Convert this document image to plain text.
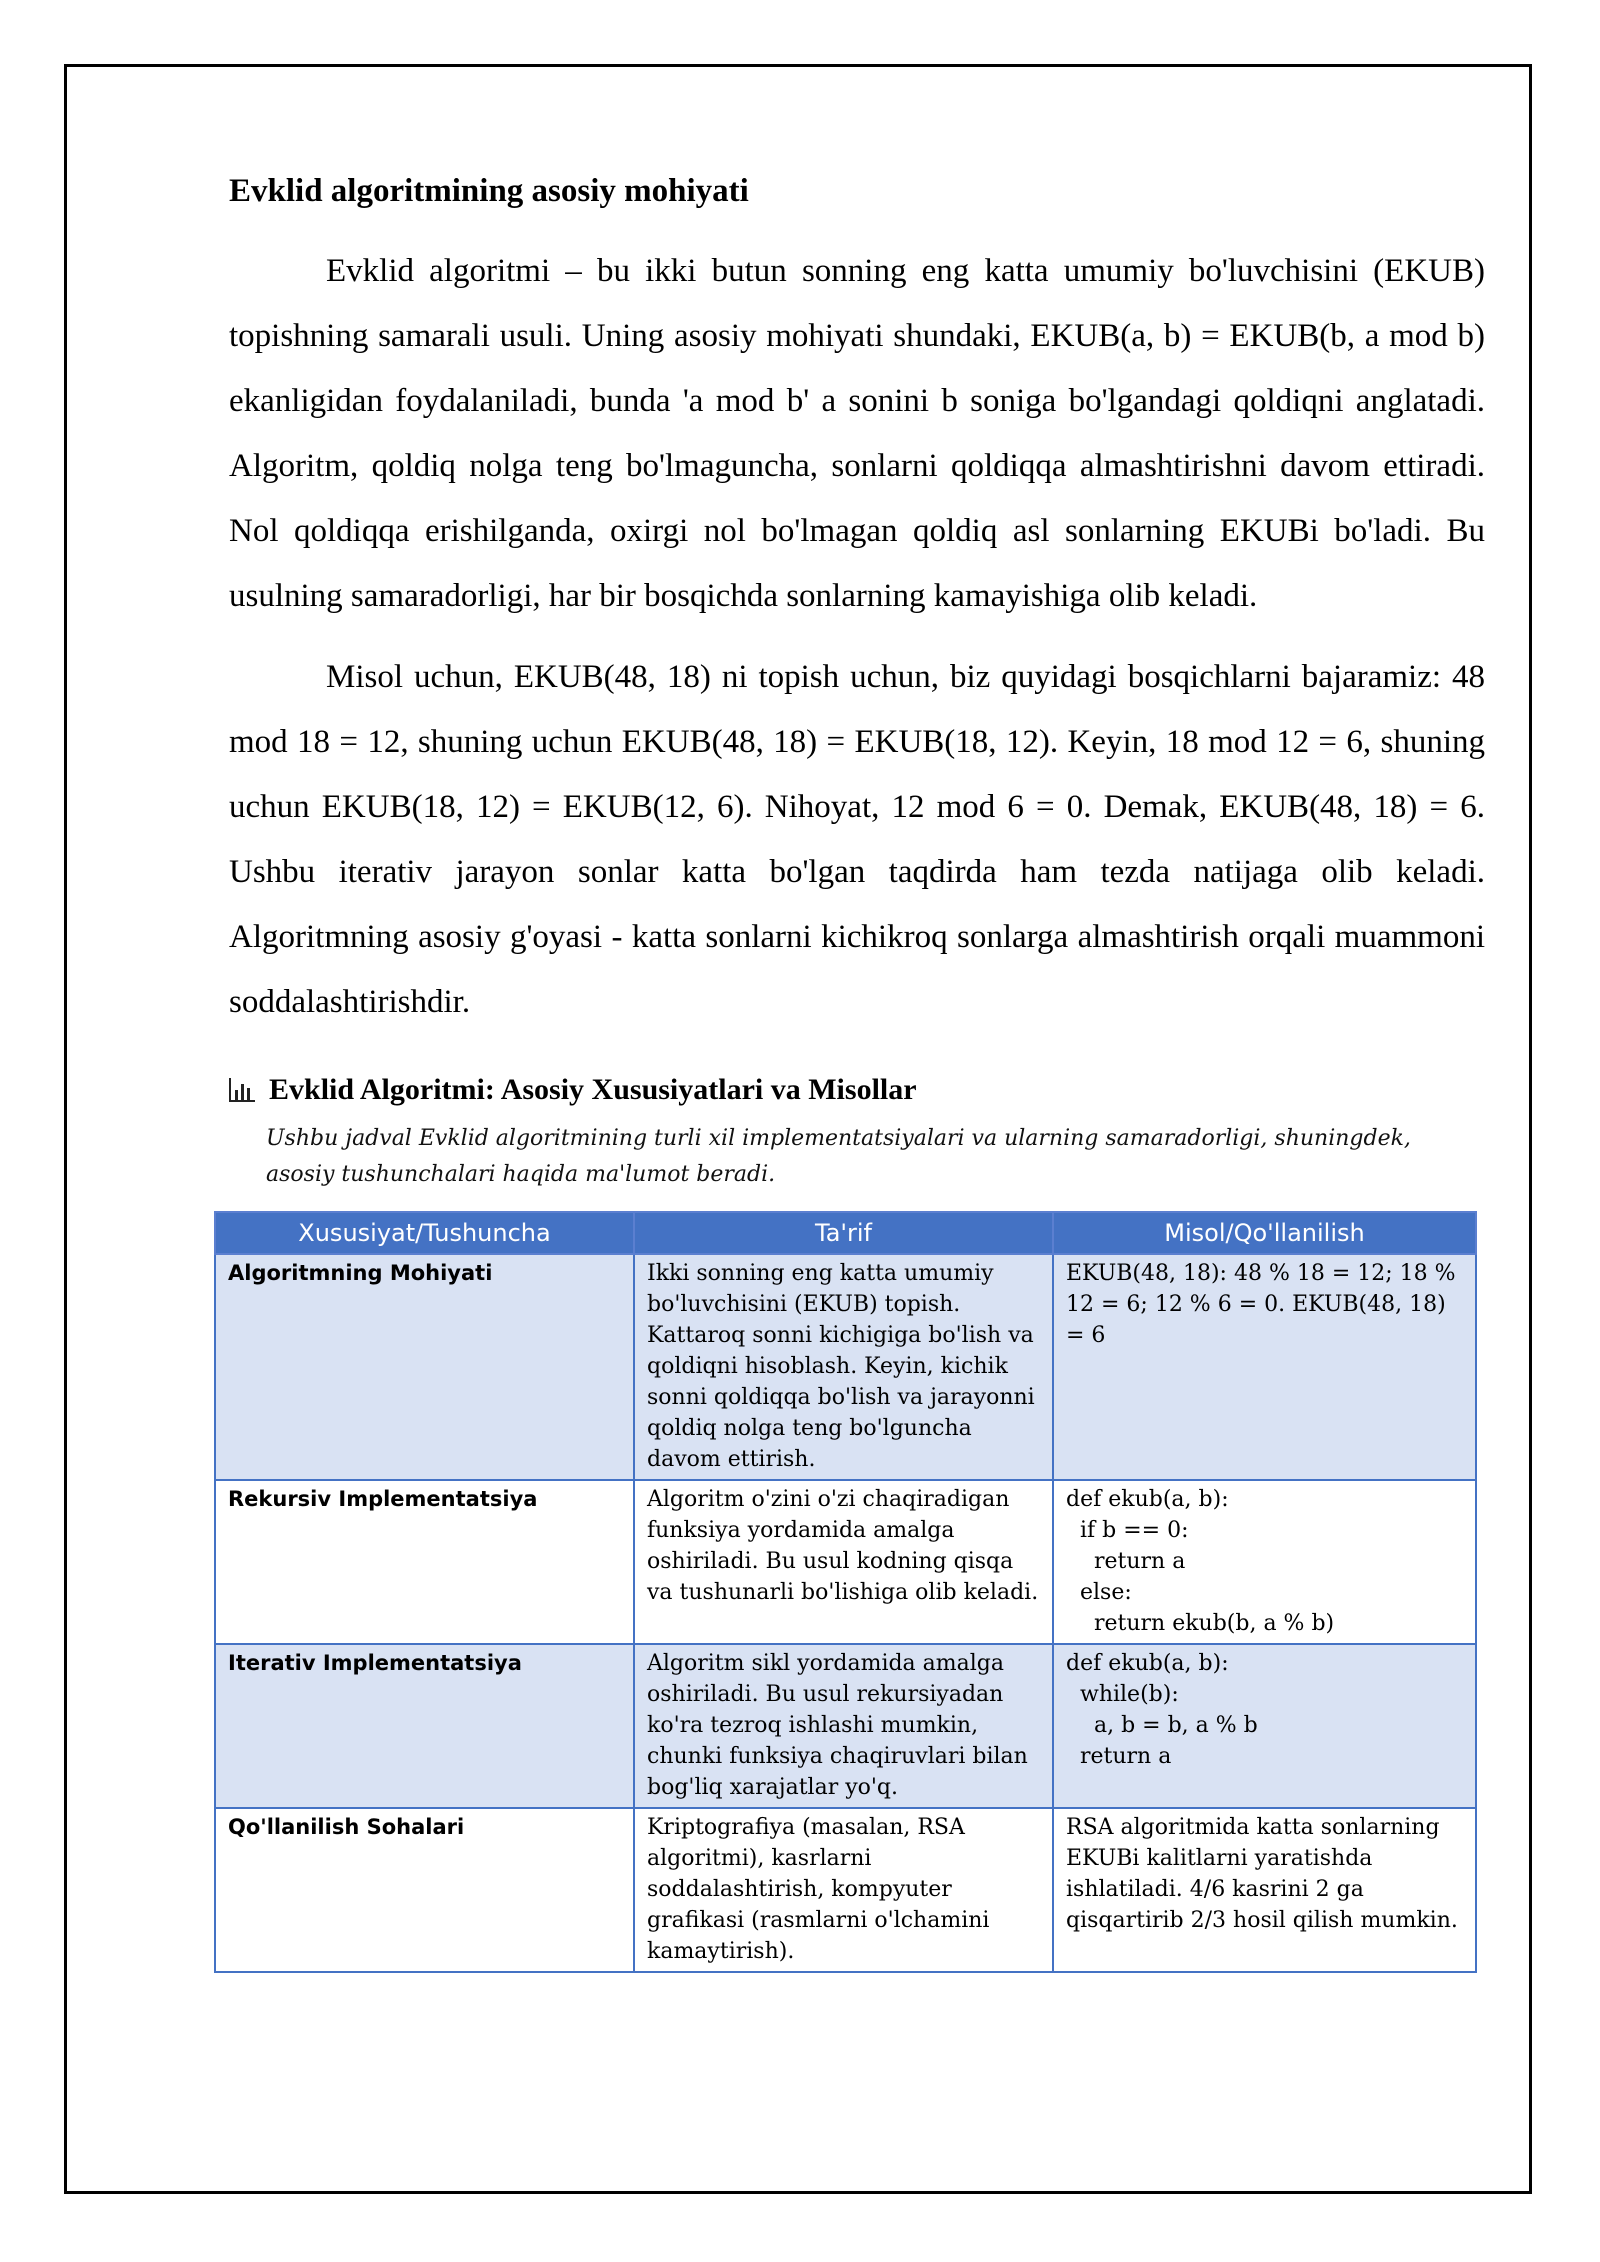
Evklid algoritmining asosiy mohiyati

Evklid algoritmi – bu ikki butun sonning eng katta umumiy bo'luvchisini (EKUB) topishning samarali usuli. Uning asosiy mohiyati shundaki, EKUB(a, b) = EKUB(b, a mod b) ekanligidan foydalaniladi, bunda 'a mod b' a sonini b soniga bo'lgandagi qoldiqni anglatadi. Algoritm, qoldiq nolga teng bo'lmaguncha, sonlarni qoldiqqa almashtirishni davom ettiradi. Nol qoldiqqa erishilganda, oxirgi nol bo'lmagan qoldiq asl sonlarning EKUBi bo'ladi. Bu usulning samaradorligi, har bir bosqichda sonlarning kamayishiga olib keladi.

Misol uchun, EKUB(48, 18) ni topish uchun, biz quyidagi bosqichlarni bajaramiz: 48 mod 18 = 12, shuning uchun EKUB(48, 18) = EKUB(18, 12). Keyin, 18 mod 12 = 6, shuning uchun EKUB(18, 12) = EKUB(12, 6). Nihoyat, 12 mod 6 = 0. Demak, EKUB(48, 18) = 6. Ushbu iterativ jarayon sonlar katta bo'lgan taqdirda ham tezda natijaga olib keladi. Algoritmning asosiy g'oyasi - katta sonlarni kichikroq sonlarga almashtirish orqali muammoni soddalashtirishdir.

Evklid Algoritmi: Asosiy Xususiyatlari va Misollar
Ushbu jadval Evklid algoritmining turli xil implementatsiyalari va ularning samaradorligi, shuningdek, asosiy tushunchalari haqida ma'lumot beradi.
Xususiyat/Tushuncha	Ta'rif	Misol/Qo'llanilish
Algoritmning Mohiyati	Ikki sonning eng katta umumiy bo'luvchisini (EKUB) topish. Kattaroq sonni kichigiga bo'lish va qoldiqni hisoblash. Keyin, kichik sonni qoldiqqa bo'lish va jarayonni qoldiq nolga teng bo'lguncha davom ettirish.	EKUB(48, 18): 48 % 18 = 12; 18 % 12 = 6; 12 % 6 = 0. EKUB(48, 18) = 6
Rekursiv Implementatsiya	Algoritm o'zini o'zi chaqiradigan funksiya yordamida amalga oshiriladi. Bu usul kodning qisqa va tushunarli bo'lishiga olib keladi.	def ekub(a, b):
if b == 0:
return a
else:
return ekub(b, a % b)
Iterativ Implementatsiya	Algoritm sikl yordamida amalga oshiriladi. Bu usul rekursiyadan ko'ra tezroq ishlashi mumkin, chunki funksiya chaqiruvlari bilan bog'liq xarajatlar yo'q.	def ekub(a, b):
while(b):
a, b = b, a % b
return a
Qo'llanilish Sohalari	Kriptografiya (masalan, RSA algoritmi), kasrlarni soddalashtirish, kompyuter grafikasi (rasmlarni o'lchamini kamaytirish).	RSA algoritmida katta sonlarning EKUBi kalitlarni yaratishda ishlatiladi. 4/6 kasrini 2 ga qisqartirib 2/3 hosil qilish mumkin.
